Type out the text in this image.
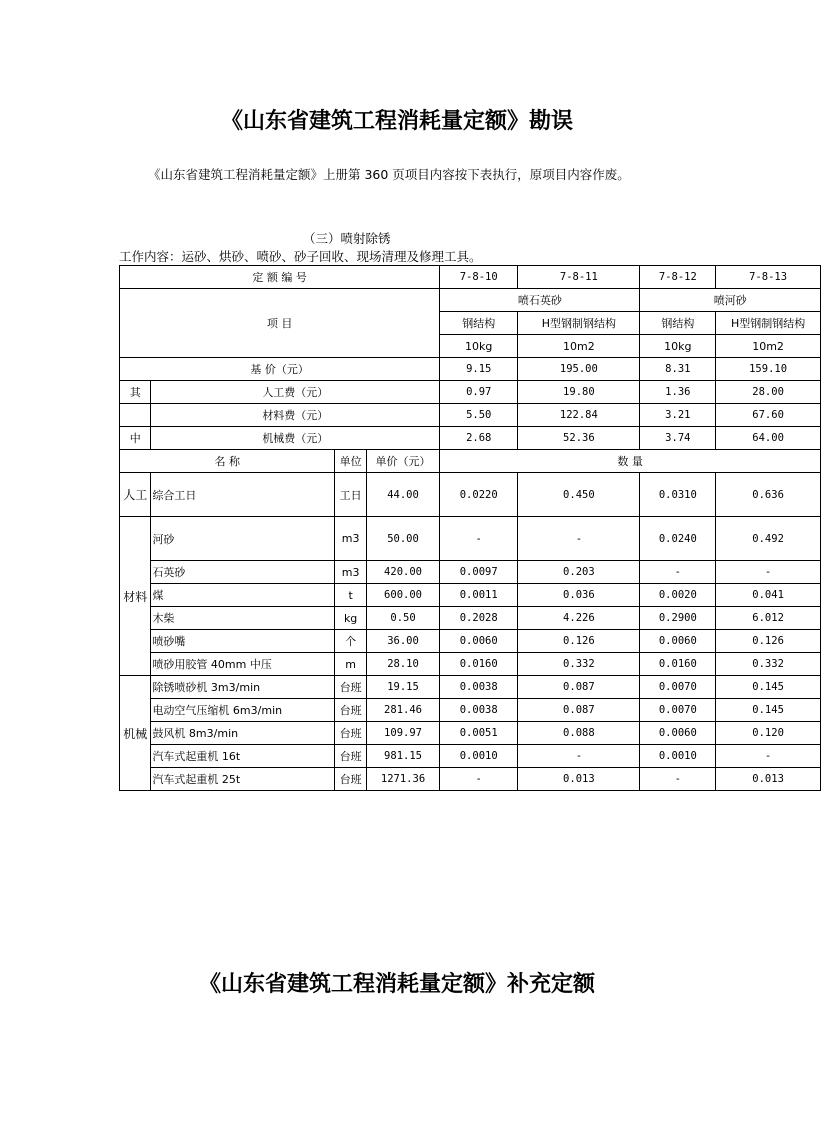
《山东省建筑工程消耗量定额》勘误
《山东省建筑工程消耗量定额》上册第 360 页项目内容按下表执行，原项目内容作废。
（三）喷射除锈
工作内容：运砂、烘砂、喷砂、砂子回收、现场清理及修理工具。
定 额 编 号				7-8-10	7-8-11	7-8-12	7-8-13
项 目				喷石英砂		喷河砂	
				钢结构	H型钢制钢结构	钢结构	H型钢制钢结构
				10kg	10m2	10kg	10m2
基 价（元）				9.15	195.00	8.31	159.10
其	人工费（元）			0.97	19.80	1.36	28.00
	材料费（元）			5.50	122.84	3.21	67.60
中	机械费（元）			2.68	52.36	3.74	64.00
名 称		单位	单价（元）	数 量			
人工	综合工日	工日	44.00	0.0220	0.450	0.0310	0.636
材料	河砂	m3	50.00	-	-	0.0240	0.492
	石英砂	m3	420.00	0.0097	0.203	-	-
	煤	t	600.00	0.0011	0.036	0.0020	0.041
	木柴	kg	0.50	0.2028	4.226	0.2900	6.012
	喷砂嘴	个	36.00	0.0060	0.126	0.0060	0.126
	喷砂用胶管 40mm 中压	m	28.10	0.0160	0.332	0.0160	0.332
机械	除锈喷砂机 3m3/min	台班	19.15	0.0038	0.087	0.0070	0.145
	电动空气压缩机 6m3/min	台班	281.46	0.0038	0.087	0.0070	0.145
	鼓风机 8m3/min	台班	109.97	0.0051	0.088	0.0060	0.120
	汽车式起重机 16t	台班	981.15	0.0010	-	0.0010	-
	汽车式起重机 25t	台班	1271.36	-	0.013	-	0.013
《山东省建筑工程消耗量定额》补充定额
